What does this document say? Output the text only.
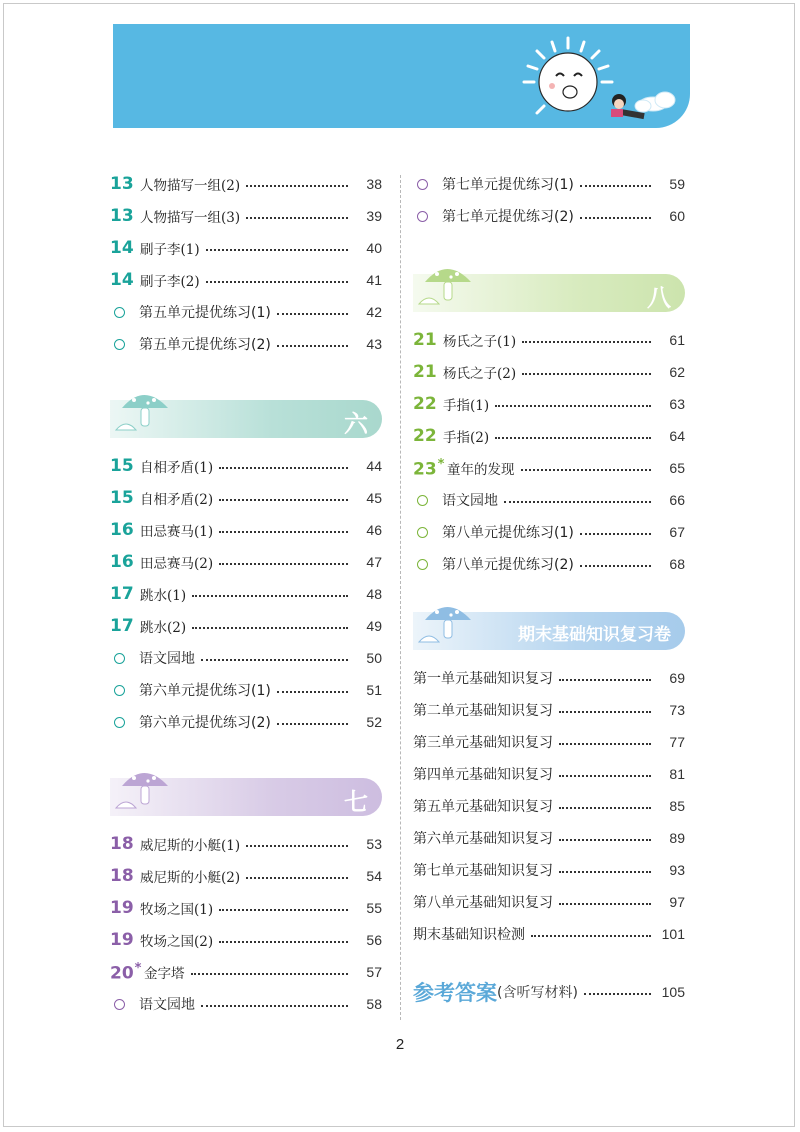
13 人物描写一组(2)	38
13 人物描写一组(3)	39
14 刷子李(1)	40
14 刷子李(2)	41
第五单元提优练习(1)	42
第五单元提优练习(2)	43
六
15 自相矛盾(1)	44
15 自相矛盾(2)	45
16 田忌赛马(1)	46
16 田忌赛马(2)	47
17 跳水(1)	48
17 跳水(2)	49
语文园地	50
第六单元提优练习(1)	51
第六单元提优练习(2)	52
七
18 威尼斯的小艇(1)	53
18 威尼斯的小艇(2)	54
19 牧场之国(1)	55
19 牧场之国(2)	56
20* 金字塔	57
语文园地	58
第七单元提优练习(1)	59
第七单元提优练习(2)	60
八
21 杨氏之子(1)	61
21 杨氏之子(2)	62
22 手指(1)	63
22 手指(2)	64
23* 童年的发现	65
语文园地	66
第八单元提优练习(1)	67
第八单元提优练习(2)	68
期末基础知识复习卷
第一单元基础知识复习	69
第二单元基础知识复习	73
第三单元基础知识复习	77
第四单元基础知识复习	81
第五单元基础知识复习	85
第六单元基础知识复习	89
第七单元基础知识复习	93
第八单元基础知识复习	97
期末基础知识检测	101
参考答案 (含听写材料)	105
2
